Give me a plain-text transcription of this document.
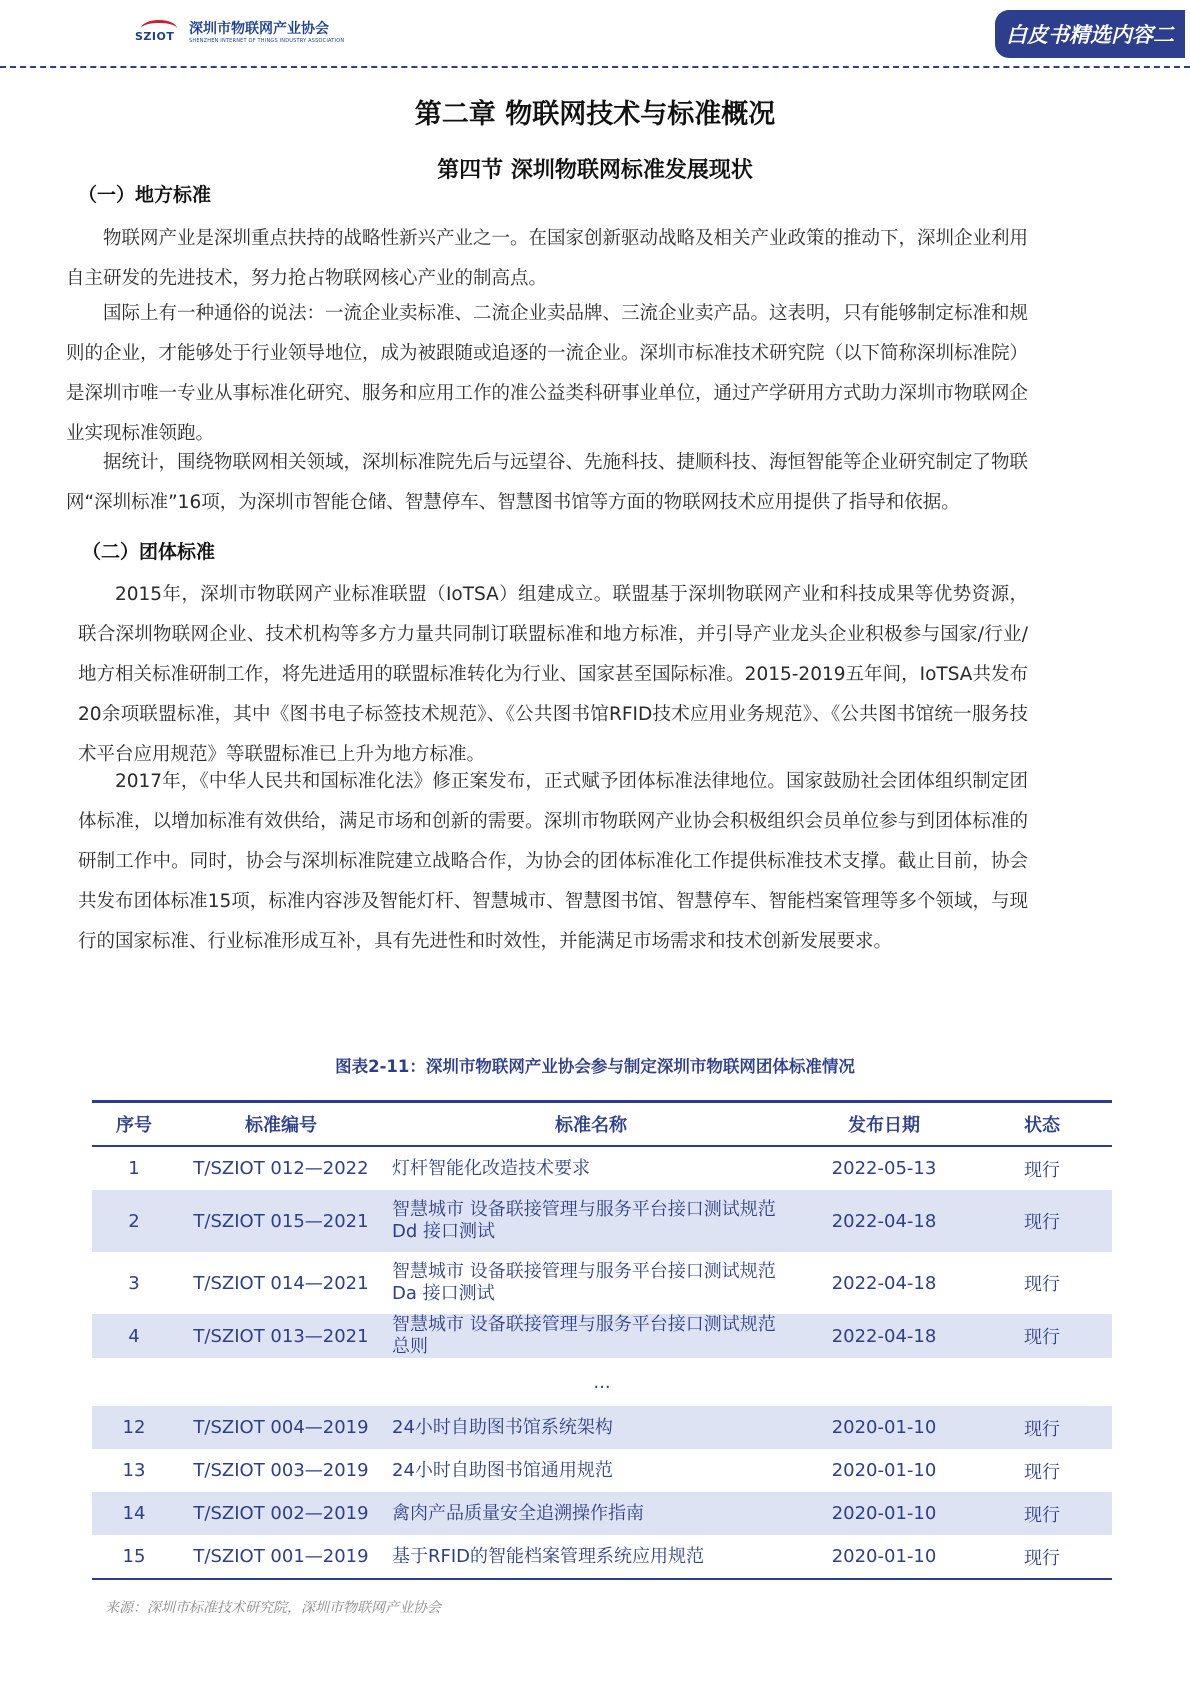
SZIOT 深圳市物联网产业协会
SHENZHEN INTERNET OF THINGS INDUSTRY ASSOCIATION	白皮书精选内容二
第二章 物联网技术与标准概况
第四节 深圳物联网标准发展现状
（一）地方标准

物联网产业是深圳重点扶持的战略性新兴产业之一。在国家创新驱动战略及相关产业政策的推动下，深圳企业利用自主研发的先进技术，努力抢占物联网核心产业的制高点。

国际上有一种通俗的说法：一流企业卖标准、二流企业卖品牌、三流企业卖产品。这表明，只有能够制定标准和规则的企业，才能够处于行业领导地位，成为被跟随或追逐的一流企业。深圳市标准技术研究院（以下简称深圳标准院）是深圳市唯一专业从事标准化研究、服务和应用工作的准公益类科研事业单位，通过产学研用方式助力深圳市物联网企业实现标准领跑。

据统计，围绕物联网相关领域，深圳标准院先后与远望谷、先施科技、捷顺科技、海恒智能等企业研究制定了物联网“深圳标准”16项，为深圳市智能仓储、智慧停车、智慧图书馆等方面的物联网技术应用提供了指导和依据。

（二）团体标准

2015年，深圳市物联网产业标准联盟（IoTSA）组建成立。联盟基于深圳物联网产业和科技成果等优势资源，联合深圳物联网企业、技术机构等多方力量共同制订联盟标准和地方标准，并引导产业龙头企业积极参与国家/行业/地方相关标准研制工作，将先进适用的联盟标准转化为行业、国家甚至国际标准。2015-2019五年间，IoTSA共发布20余项联盟标准，其中《图书电子标签技术规范》、《公共图书馆RFID技术应用业务规范》、《公共图书馆统一服务技术平台应用规范》等联盟标准已上升为地方标准。

2017年，《中华人民共和国标准化法》修正案发布，正式赋予团体标准法律地位。国家鼓励社会团体组织制定团体标准，以增加标准有效供给，满足市场和创新的需要。深圳市物联网产业协会积极组织会员单位参与到团体标准的研制工作中。同时，协会与深圳标准院建立战略合作，为协会的团体标准化工作提供标准技术支撑。截止目前，协会共发布团体标准15项，标准内容涉及智能灯杆、智慧城市、智慧图书馆、智慧停车、智能档案管理等多个领域，与现行的国家标准、行业标准形成互补，具有先进性和时效性，并能满足市场需求和技术创新发展要求。

图表2-11：深圳市物联网产业协会参与制定深圳市物联网团体标准情况
序号	标准编号	标准名称	发布日期	状态
1	T/SZIOT 012—2022	灯杆智能化改造技术要求	2022-05-13	现行
2	T/SZIOT 015—2021	智慧城市 设备联接管理与服务平台接口测试规范 Dd 接口测试	2022-04-18	现行
3	T/SZIOT 014—2021	智慧城市 设备联接管理与服务平台接口测试规范 Da 接口测试	2022-04-18	现行
4	T/SZIOT 013—2021	智慧城市 设备联接管理与服务平台接口测试规范 总则	2022-04-18	现行
...				
12	T/SZIOT 004—2019	24小时自助图书馆系统架构	2020-01-10	现行
13	T/SZIOT 003—2019	24小时自助图书馆通用规范	2020-01-10	现行
14	T/SZIOT 002—2019	禽肉产品质量安全追溯操作指南	2020-01-10	现行
15	T/SZIOT 001—2019	基于RFID的智能档案管理系统应用规范	2020-01-10	现行
来源：深圳市标准技术研究院，深圳市物联网产业协会
